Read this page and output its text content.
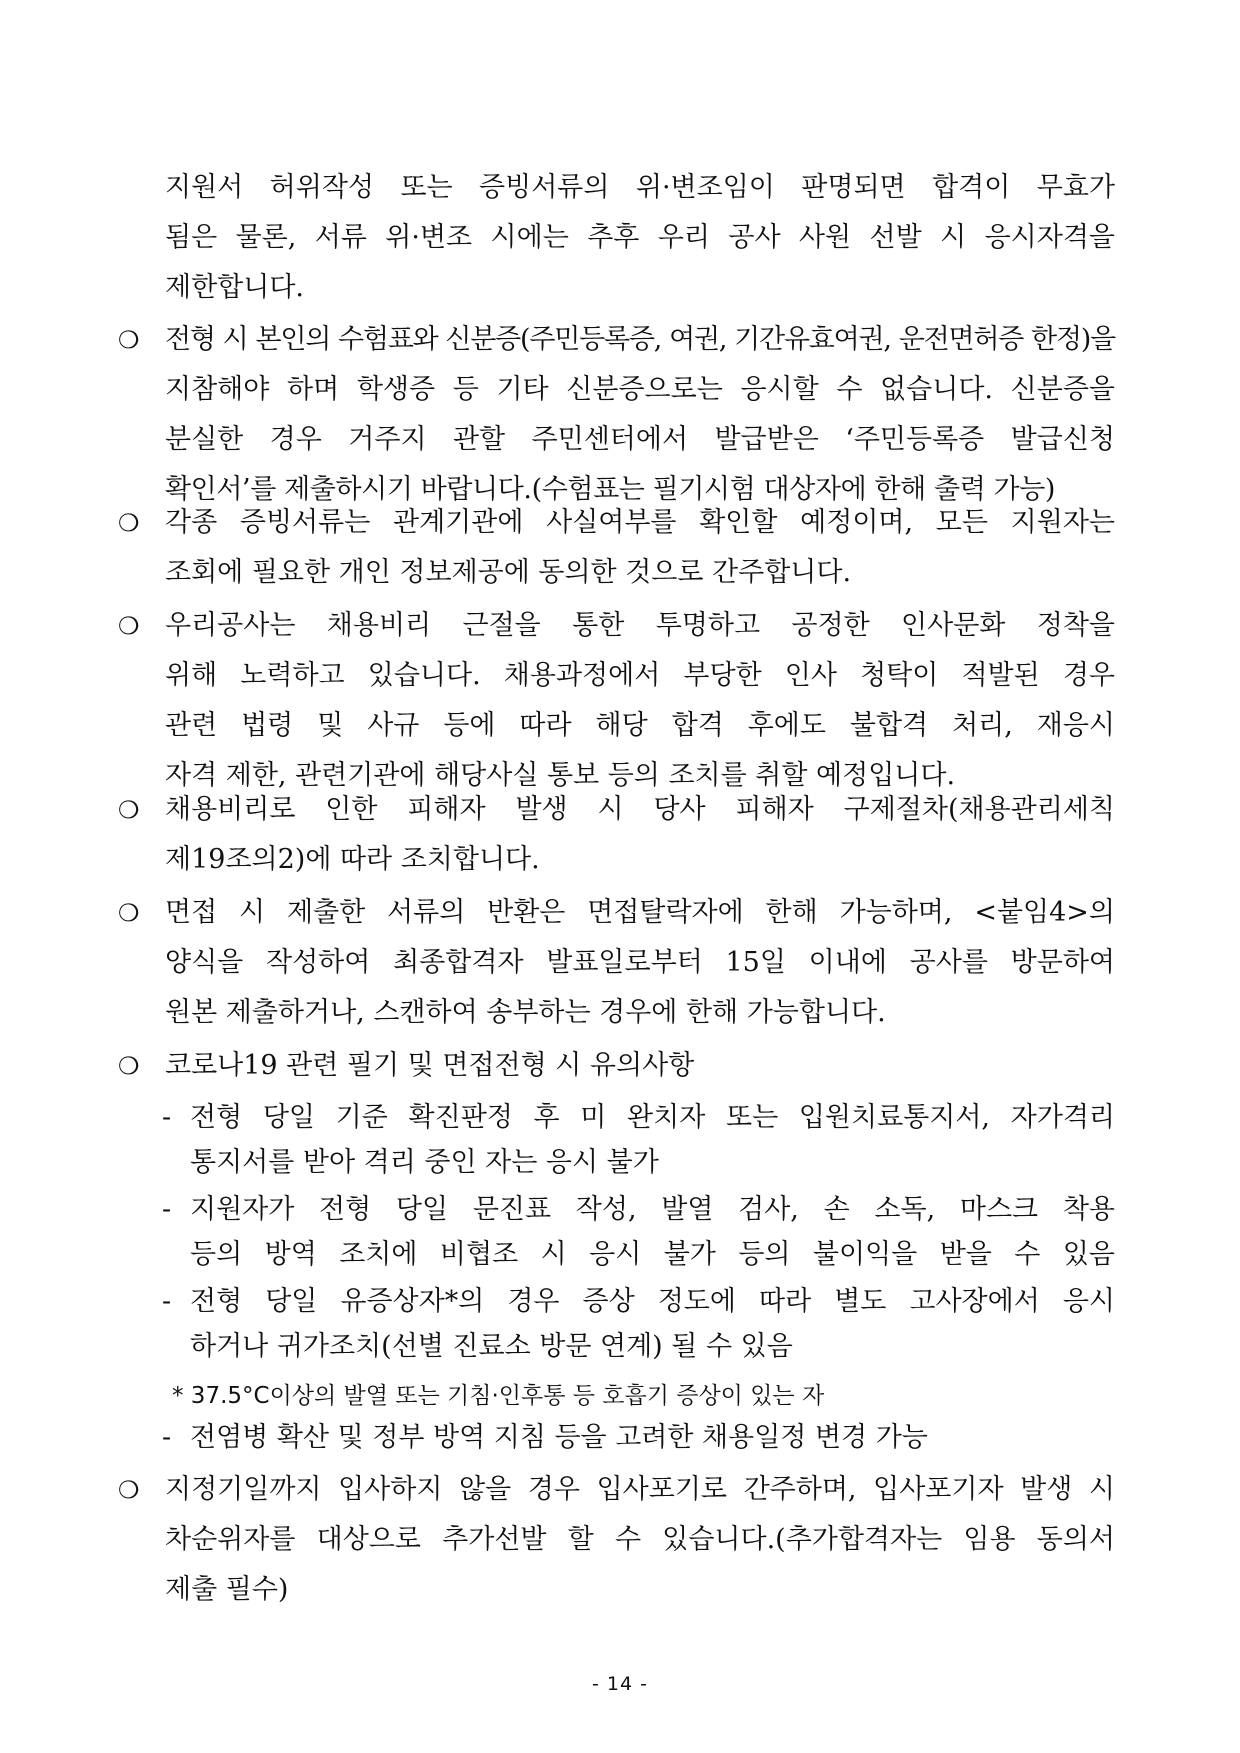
지원서 허위작성 또는 증빙서류의 위·변조임이 판명되면 합격이 무효가
됨은 물론, 서류 위·변조 시에는 추후 우리 공사 사원 선발 시 응시자격을
제한합니다.
❍ 전형 시 본인의 수험표와 신분증(주민등록증, 여권, 기간유효여권, 운전면허증 한정)을
지참해야 하며 학생증 등 기타 신분증으로는 응시할 수 없습니다. 신분증을
분실한 경우 거주지 관할 주민센터에서 발급받은 ‘주민등록증 발급신청
확인서’를 제출하시기 바랍니다.(수험표는 필기시험 대상자에 한해 출력 가능)
❍ 각종 증빙서류는 관계기관에 사실여부를 확인할 예정이며, 모든 지원자는
조회에 필요한 개인 정보제공에 동의한 것으로 간주합니다.
❍ 우리공사는 채용비리 근절을 통한 투명하고 공정한 인사문화 정착을
위해 노력하고 있습니다. 채용과정에서 부당한 인사 청탁이 적발된 경우
관련 법령 및 사규 등에 따라 해당 합격 후에도 불합격 처리, 재응시
자격 제한, 관련기관에 해당사실 통보 등의 조치를 취할 예정입니다.
❍ 채용비리로 인한 피해자 발생 시 당사 피해자 구제절차(채용관리세칙
제19조의2)에 따라 조치합니다.
❍ 면접 시 제출한 서류의 반환은 면접탈락자에 한해 가능하며, <붙임4>의
양식을 작성하여 최종합격자 발표일로부터 15일 이내에 공사를 방문하여
원본 제출하거나, 스캔하여 송부하는 경우에 한해 가능합니다.
❍ 코로나19 관련 필기 및 면접전형 시 유의사항
- 전형 당일 기준 확진판정 후 미 완치자 또는 입원치료통지서, 자가격리
통지서를 받아 격리 중인 자는 응시 불가
- 지원자가 전형 당일 문진표 작성, 발열 검사, 손 소독, 마스크 착용
등의 방역 조치에 비협조 시 응시 불가 등의 불이익을 받을 수 있음
- 전형 당일 유증상자*의 경우 증상 정도에 따라 별도 고사장에서 응시
하거나 귀가조치(선별 진료소 방문 연계) 될 수 있음
* 37.5°C이상의 발열 또는 기침·인후통 등 호흡기 증상이 있는 자
- 전염병 확산 및 정부 방역 지침 등을 고려한 채용일정 변경 가능
❍ 지정기일까지 입사하지 않을 경우 입사포기로 간주하며, 입사포기자 발생 시
차순위자를 대상으로 추가선발 할 수 있습니다.(추가합격자는 임용 동의서
제출 필수)
- 14 -
